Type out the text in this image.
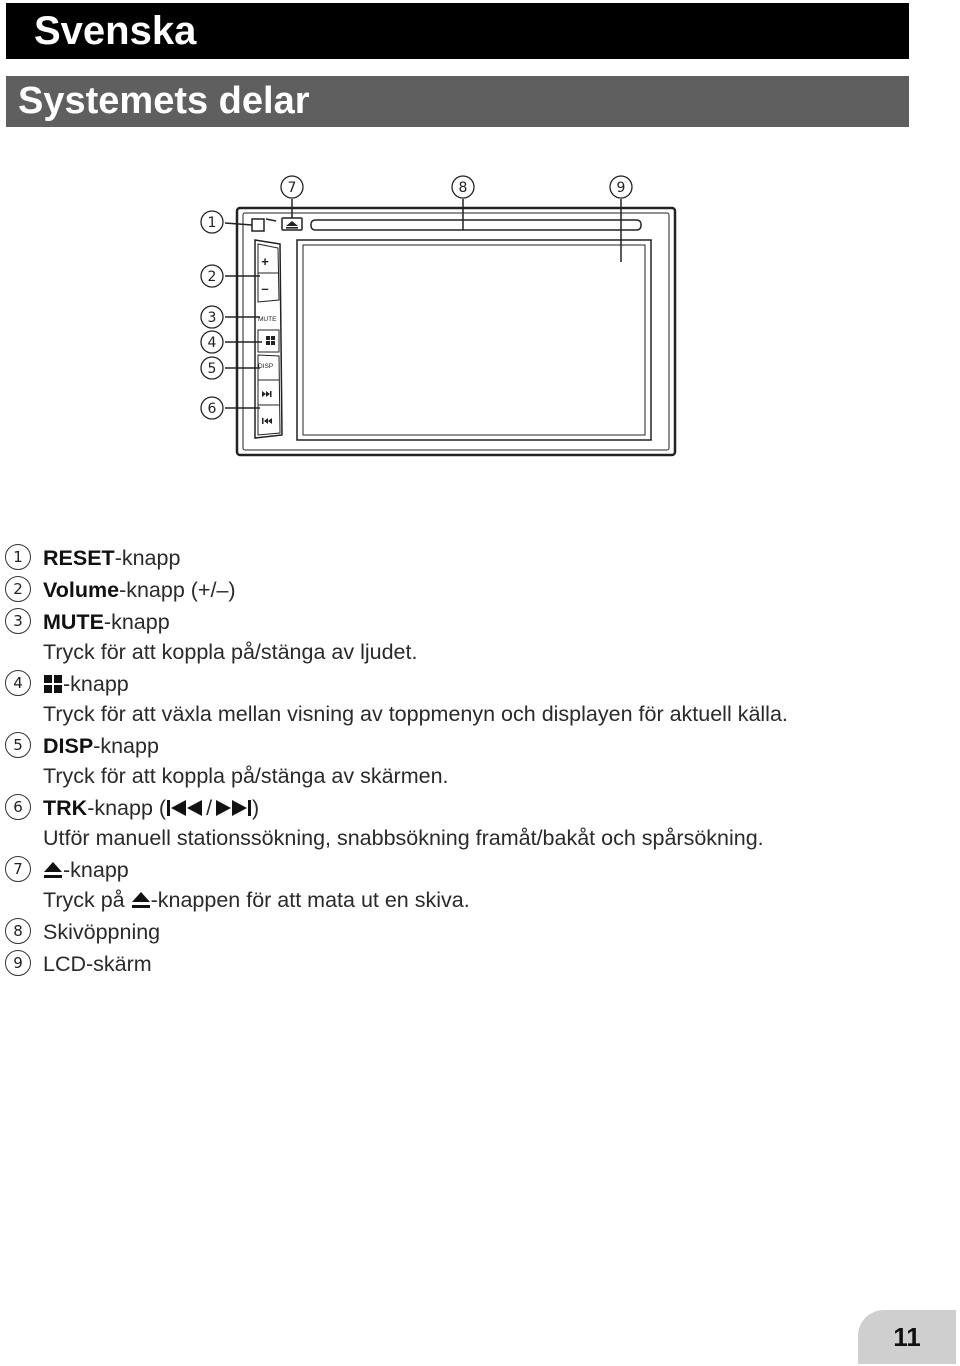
Svenska
Systemets delar
+
–
MUTE
DISP
1
2
3
4
5
6
7	8	9
1 RESET-knapp
2 Volume-knapp (+/–)
3 MUTE-knapp
Tryck för att koppla på/stänga av ljudet.
4	-knapp
Tryck för att växla mellan visning av toppmenyn och displayen för aktuell källa.
5 DISP-knapp
Tryck för att koppla på/stänga av skärmen.
6 TRK-knapp ( / )
Utför manuell stationssökning, snabbsökning framåt/bakåt och spårsökning.
7	-knapp
Tryck på -knappen för att mata ut en skiva.
8 Skivöppning
9 LCD-skärm
11
